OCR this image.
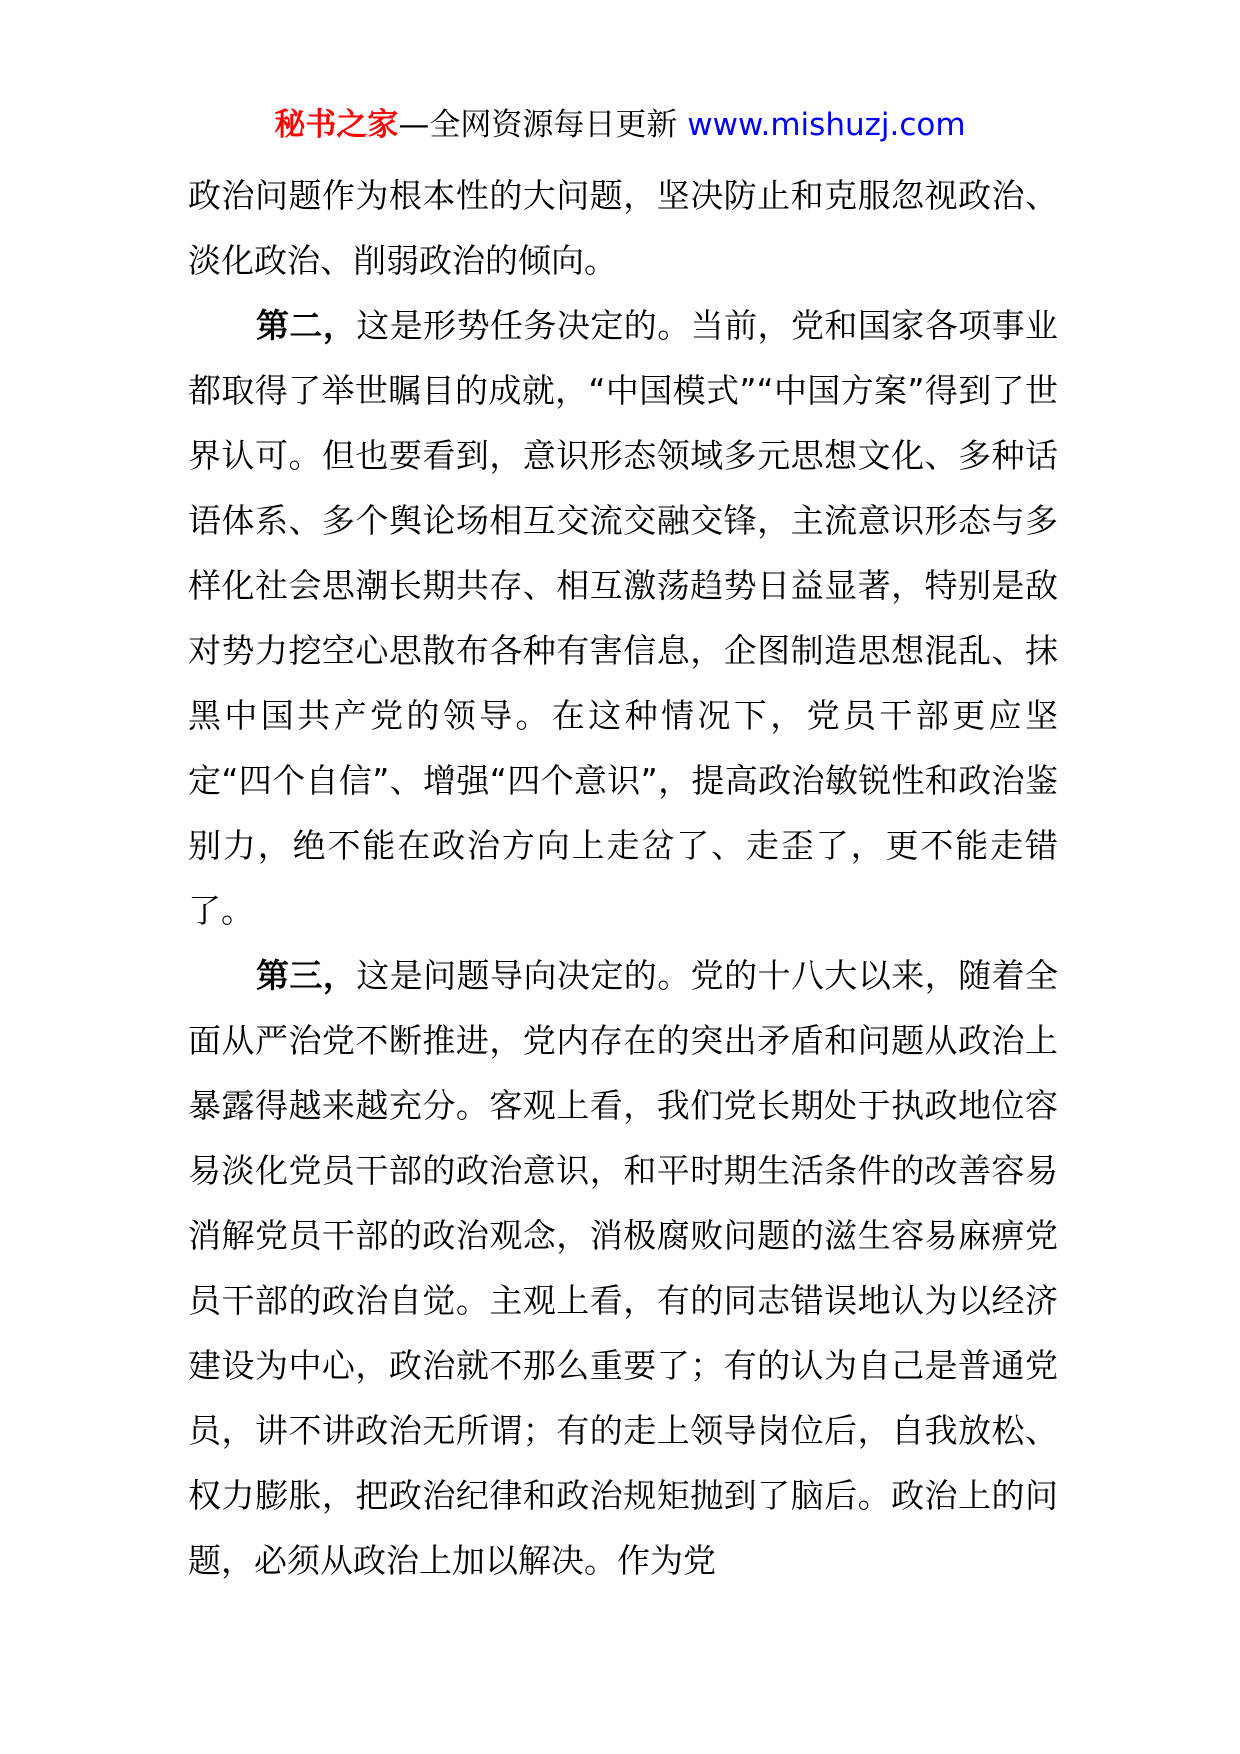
秘书之家—全网资源每日更新 www.mishuzj.com

政治问题作为根本性的大问题，坚决防止和克服忽视政治、淡化政治、削弱政治的倾向。

第二，这是形势任务决定的。当前，党和国家各项事业都取得了举世瞩目的成就，“中国模式”“中国方案”得到了世界认可。但也要看到，意识形态领域多元思想文化、多种话语体系、多个舆论场相互交流交融交锋，主流意识形态与多样化社会思潮长期共存、相互激荡趋势日益显著，特别是敌对势力挖空心思散布各种有害信息，企图制造思想混乱、抹黑中国共产党的领导。在这种情况下，党员干部更应坚定“四个自信”、增强“四个意识”，提高政治敏锐性和政治鉴别力，绝不能在政治方向上走岔了、走歪了，更不能走错了。

第三，这是问题导向决定的。党的十八大以来，随着全面从严治党不断推进，党内存在的突出矛盾和问题从政治上暴露得越来越充分。客观上看，我们党长期处于执政地位容易淡化党员干部的政治意识，和平时期生活条件的改善容易消解党员干部的政治观念，消极腐败问题的滋生容易麻痹党员干部的政治自觉。主观上看，有的同志错误地认为以经济建设为中心，政治就不那么重要了；有的认为自己是普通党员，讲不讲政治无所谓；有的走上领导岗位后，自我放松、权力膨胀，把政治纪律和政治规矩抛到了脑后。政治上的问题，必须从政治上加以解决。作为党
